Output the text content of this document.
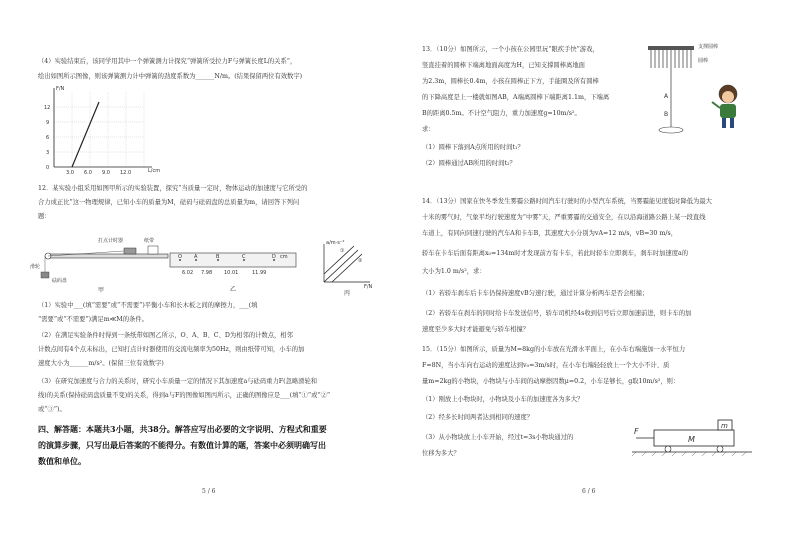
（4）实验结束后，该同学用其中一个弹簧测力计探究“弹簧所受拉力F与弹簧长度L的关系”，
绘出如图所示图像，则该弹簧测力计中弹簧的劲度系数为______N/m。(结果保留两位有效数字)
F/N
L/cm
0
3
6
9
12
3.0 6.0 9.0 12.0
12．某实验小组采用如图甲所示的实验装置，探究“当质量一定时，物体运动的加速度与它所受的
合力成正比”这一物理规律，已知小车的质量为M，砝码与砝码盘的总质量为m，请回答下列问
题：
打点计时器	纸带
滑轮
砝码盘
甲
O A	B	C	D cm
6.02 7.98 10.01	11.99
乙
a/m·s⁻²
F/N
①
②
丙
（1）实验中___(填“需要”或“不需要”)平衡小车和长木板之间的摩擦力，___(填
“需要”或“不需要”)满足m≪M的条件。
（2）在满足实验条件时得到一条纸带如图乙所示，O、A、B、C、D为相邻的计数点，相邻
计数点间有4个点未标出，已知打点计时器使用的交流电频率为50Hz，则由纸带可知，小车的加
速度大小为______m/s²。(保留三位有效数字)
（3）在研究加速度与合力的关系时，研究小车质量一定的情况下其加速度a与砝码重力F(忽略滑轮和
线)的关系(保持砝码盘质量不变)的关系，得到a与F的图像如图丙所示，正确的图像应是___(填“①”或“②”
或“③”)。
四、解答题：本题共3小题，共38分。解答应写出必要的文字说明、方程式和重要
的演算步骤，只写出最后答案的不能得分。有数值计算的题，答案中必须明确写出
数值和单位。
5 / 6
13．（10分）如图所示，一个小孩在公园里玩“眼疾手快”游戏，
竖直挂着的圆棒下端离地面高度为H，已知支撑圆棒离地面
为2.3m，圆棒长0.4m，小孩在圆棒正下方，手能圈及所有圆棒
的下降高度是上一楼就如图AB，A端离圆棒下端距离1.1m，下端离
B的距离0.5m。不计空气阻力，重力加速度g=10m/s²。
求：
（1）圆棒下落到A点所用的时间t₁？
（2）圆棒通过AB所用的时间t₂？
支撑圆棒
圆棒
A
B
14．（13分）国家在快冬季发生雾霾公路时间汽车行驶时的小型汽车系统，当雾霾能见度低时降低为最大
十米的雾气时，气象平均行驶速度为“中雾”天，严重雾霾的交通安全，在以沿海道路公路上某一段直线
车道上，有同向同速行驶的汽车A和卡车B，其速度大小分别为vA=12 m/s，vB=30 m/s，
轿车在卡车后面有距离x₀=134m时才发现前方有卡车，若此时轿车立即刹车，刹车时加速度a的
大小为1.0 m/s²，求：
（1）若轿车刹车后卡车仍保持速度vB匀速行驶，通过计算分析两车是否会相撞；
（2）若轿车在刹车的同时给卡车发送信号，轿车司机经4s收到信号后立即加速前进，则卡车的加
速度至少多大时才能避免与轿车相撞？
15．（15分）如图所示，质量为M=8kg的小车放在光滑水平面上，在小车右端施加一水平恒力
F=8N，当小车向右运动的速度达到v₀=3m/s时，在小车右端轻轻放上一个大小不计、质
量m=2kg的小物块，小物块与小车间的动摩擦因数μ=0.2，小车足够长，g取10m/s²，则：
（1）刚放上小物块时，小物块及小车的加速度各为多大？
（2）经多长时间两者达到相同的速度？
（3）从小物块放上小车开始，经过t=3s小物块通过的
位移为多大？
F
M
m
6 / 6
